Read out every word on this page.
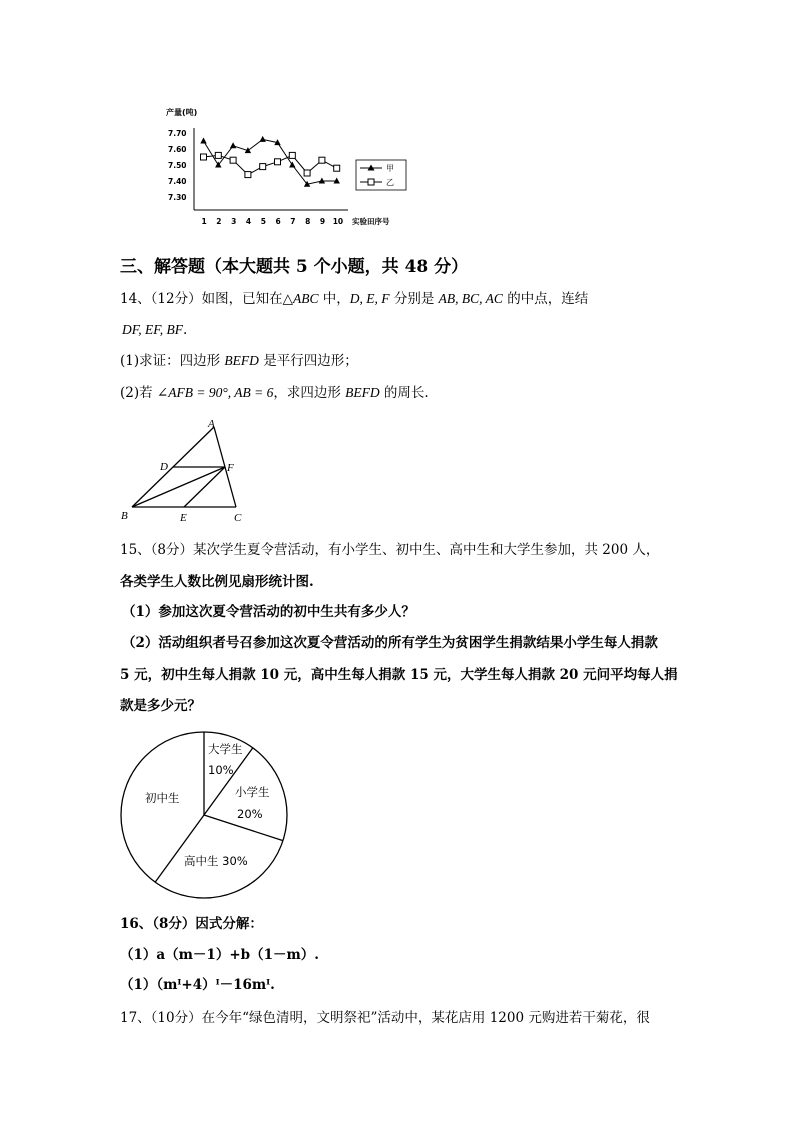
产量(吨)
7.70
7.60
7.50
7.40
7.30
1 2 3 4 5 6 7 8 9 10 实验田序号
甲
乙
三、解答题（本大题共 5 个小题，共 48 分）
14、（12分）如图，已知在△ABC 中，D, E, F 分别是 AB, BC, AC 的中点，连结
DF, EF, BF.
(1)求证：四边形 BEFD 是平行四边形；
(2)若 ∠AFB = 90°, AB = 6，求四边形 BEFD 的周长.
A
D	F
B	E	C
15、（8分）某次学生夏令营活动，有小学生、初中生、高中生和大学生参加，共 200 人，
各类学生人数比例见扇形统计图.
（1）参加这次夏令营活动的初中生共有多少人？
（2）活动组织者号召参加这次夏令营活动的所有学生为贫困学生捐款结果小学生每人捐款
5 元，初中生每人捐款 10 元，高中生每人捐款 15 元，大学生每人捐款 20 元问平均每人捐
款是多少元？
大学生
10%
小学生
20%
高中生 30%
初中生
16、（8分）因式分解：
（1）a（m－1）+b（1－m）.
（1）（mᴵ+4）ᴵ－16mᴵ.
17、（10分）在今年“绿色清明，文明祭祀”活动中，某花店用 1200 元购进若干菊花，很
